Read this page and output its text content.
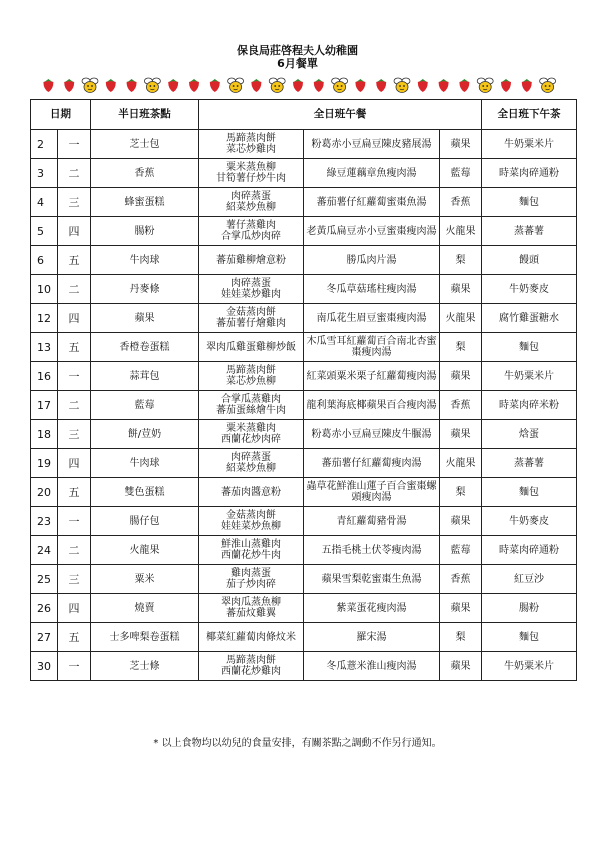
保良局莊啓程夫人幼稚園
6月餐單
日期		半日班茶點	全日班午餐			全日班下午茶
2	一	芝士包	馬蹄蒸肉餅
菜芯炒雞肉	粉葛赤小豆扁豆陳皮豬展湯	蘋果	牛奶粟米片
3	二	香蕉	粟米蒸魚柳
甘筍薯仔炒牛肉	綠豆蓮藕章魚瘦肉湯	藍莓	時菜肉碎通粉
4	三	蜂蜜蛋糕	肉碎蒸蛋
紹菜炒魚柳	蕃茄薯仔紅蘿蔔蜜棗魚湯	香蕉	麵包
5	四	腸粉	薯仔蒸雞肉
合掌瓜炒肉碎	老黃瓜扁豆赤小豆蜜棗瘦肉湯	火龍果	蒸蕃薯
6	五	牛肉球	蕃茄雞柳燴意粉	勝瓜肉片湯	梨	饅頭
10	二	丹麥條	肉碎蒸蛋
娃娃菜炒雞肉	冬瓜草菇瑤柱瘦肉湯	蘋果	牛奶麥皮
12	四	蘋果	金菇蒸肉餅
蕃茄薯仔燴雞肉	南瓜花生眉豆蜜棗瘦肉湯	火龍果	腐竹雞蛋糖水
13	五	香橙卷蛋糕	翠肉瓜雞蛋雞柳炒飯	木瓜雪耳紅蘿蔔百合南北杏蜜棗瘦肉湯	梨	麵包
16	一	蒜茸包	馬蹄蒸肉餅
菜芯炒魚柳	紅菜頭粟米栗子紅蘿蔔瘦肉湯	蘋果	牛奶粟米片
17	二	藍莓	合掌瓜蒸雞肉
蕃茄蛋絲燴牛肉	龍利葉海底椰蘋果百合瘦肉湯	香蕉	時菜肉碎米粉
18	三	餅/荳奶	粟米蒸雞肉
西蘭花炒肉碎	粉葛赤小豆扁豆陳皮牛𦟌湯	蘋果	焓蛋
19	四	牛肉球	肉碎蒸蛋
紹菜炒魚柳	蕃茄薯仔紅蘿蔔瘦肉湯	火龍果	蒸蕃薯
20	五	雙色蛋糕	蕃茄肉醬意粉	蟲草花鮮淮山蓮子百合蜜棗螺頭瘦肉湯	梨	麵包
23	一	腸仔包	金菇蒸肉餅
娃娃菜炒魚柳	青紅蘿蔔豬骨湯	蘋果	牛奶麥皮
24	二	火龍果	鮮淮山蒸雞肉
西蘭花炒牛肉	五指毛桃土伏苓瘦肉湯	藍莓	時菜肉碎通粉
25	三	粟米	雞肉蒸蛋
茄子炒肉碎	蘋果雪梨乾蜜棗生魚湯	香蕉	紅豆沙
26	四	燒賣	翠肉瓜蒸魚柳
蕃茄炆雞翼	紫菜蛋花瘦肉湯	蘋果	腸粉
27	五	士多啤梨卷蛋糕	椰菜紅蘿蔔肉條炆米	羅宋湯	梨	麵包
30	一	芝士條	馬蹄蒸肉餅
西蘭花炒雞肉	冬瓜薏米淮山瘦肉湯	蘋果	牛奶粟米片
* 以上食物均以幼兒的食量安排，有關茶點之調動不作另行通知。
